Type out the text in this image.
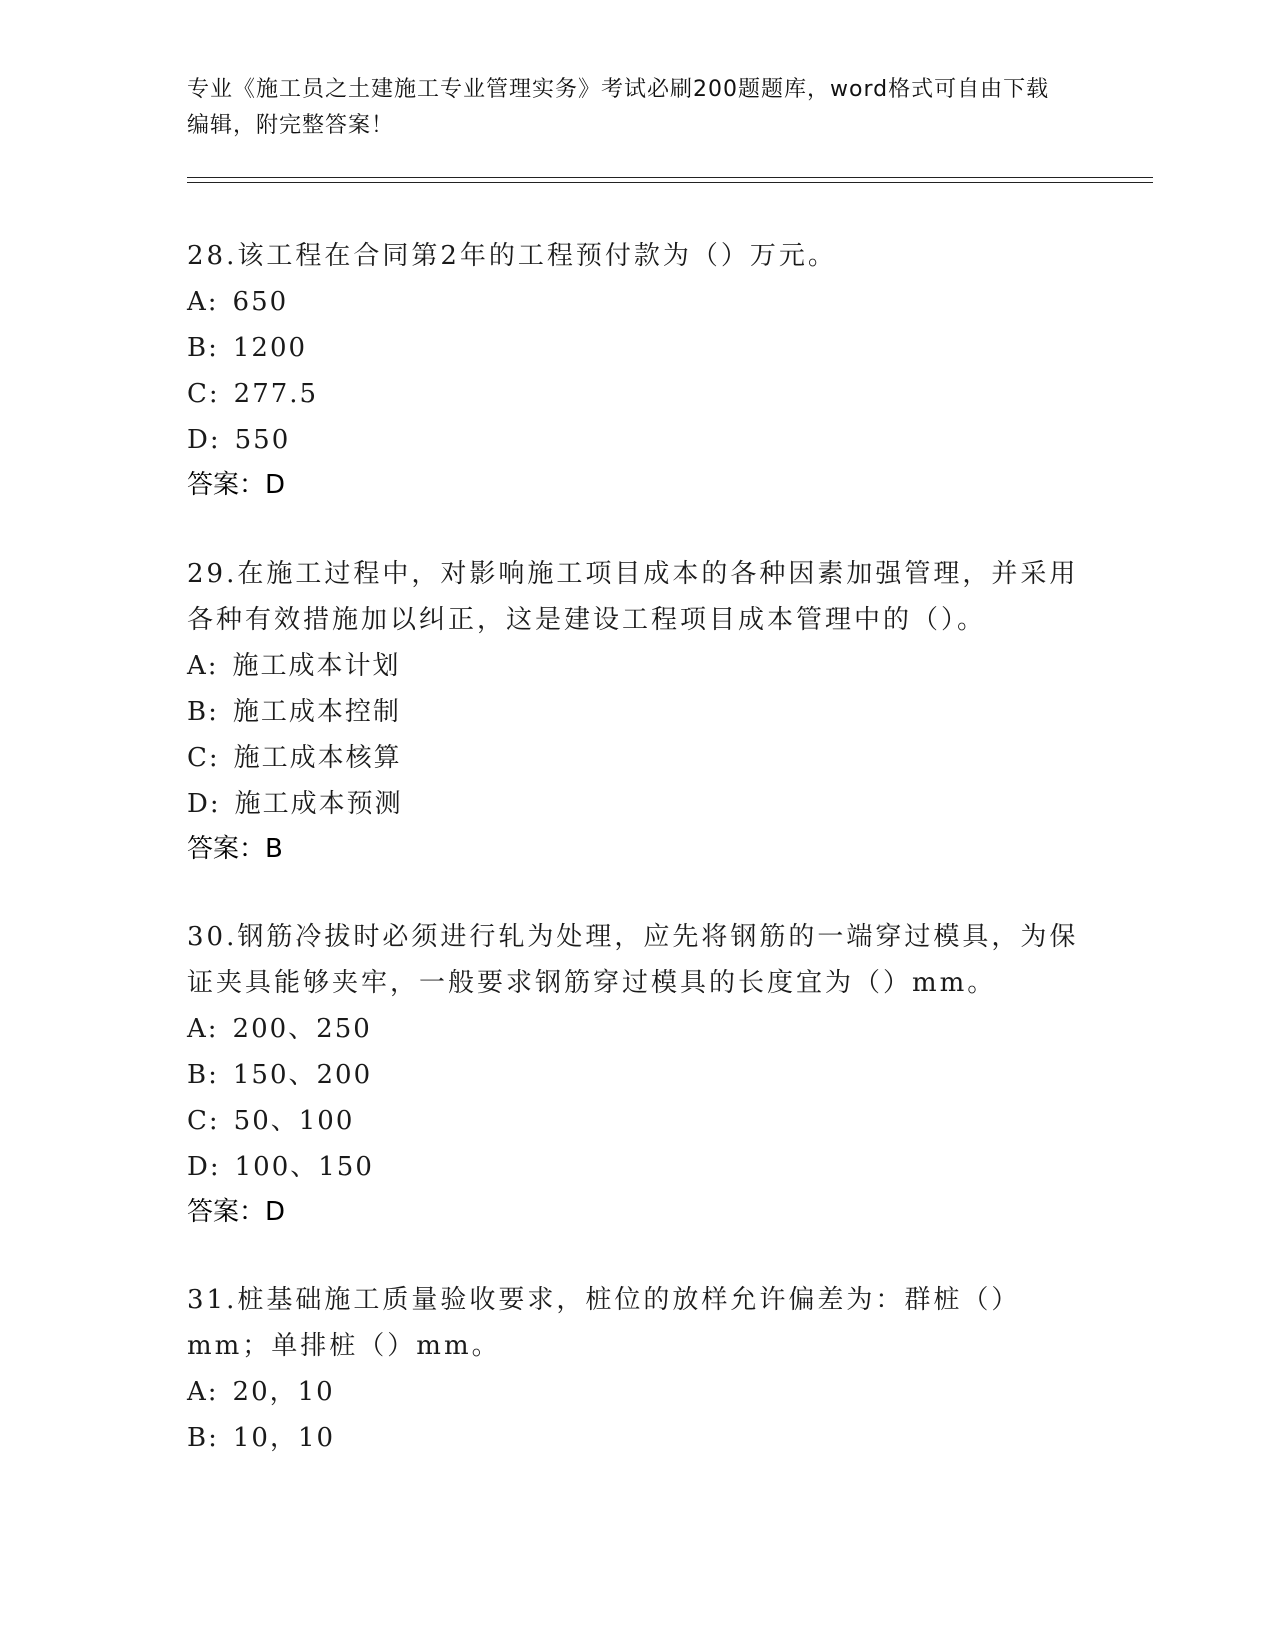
专业《施工员之土建施工专业管理实务》考试必刷200题题库，word格式可自由下载编辑，附完整答案！

28.该工程在合同第2年的工程预付款为（）万元。

A: 650
B: 1200
C: 277.5
D: 550
答案：D

29.在施工过程中，对影响施工项目成本的各种因素加强管理，并采用各种有效措施加以纠正，这是建设工程项目成本管理中的（）。

A: 施工成本计划
B: 施工成本控制
C: 施工成本核算
D: 施工成本预测
答案：B

30.钢筋冷拔时必须进行轧为处理，应先将钢筋的一端穿过模具，为保证夹具能够夹牢，一般要求钢筋穿过模具的长度宜为（）mm。

A: 200、250
B: 150、200
C: 50、100
D: 100、150
答案：D

31.桩基础施工质量验收要求，桩位的放样允许偏差为：群桩（）mm；单排桩（）mm。

A: 20，10
B: 10，10
